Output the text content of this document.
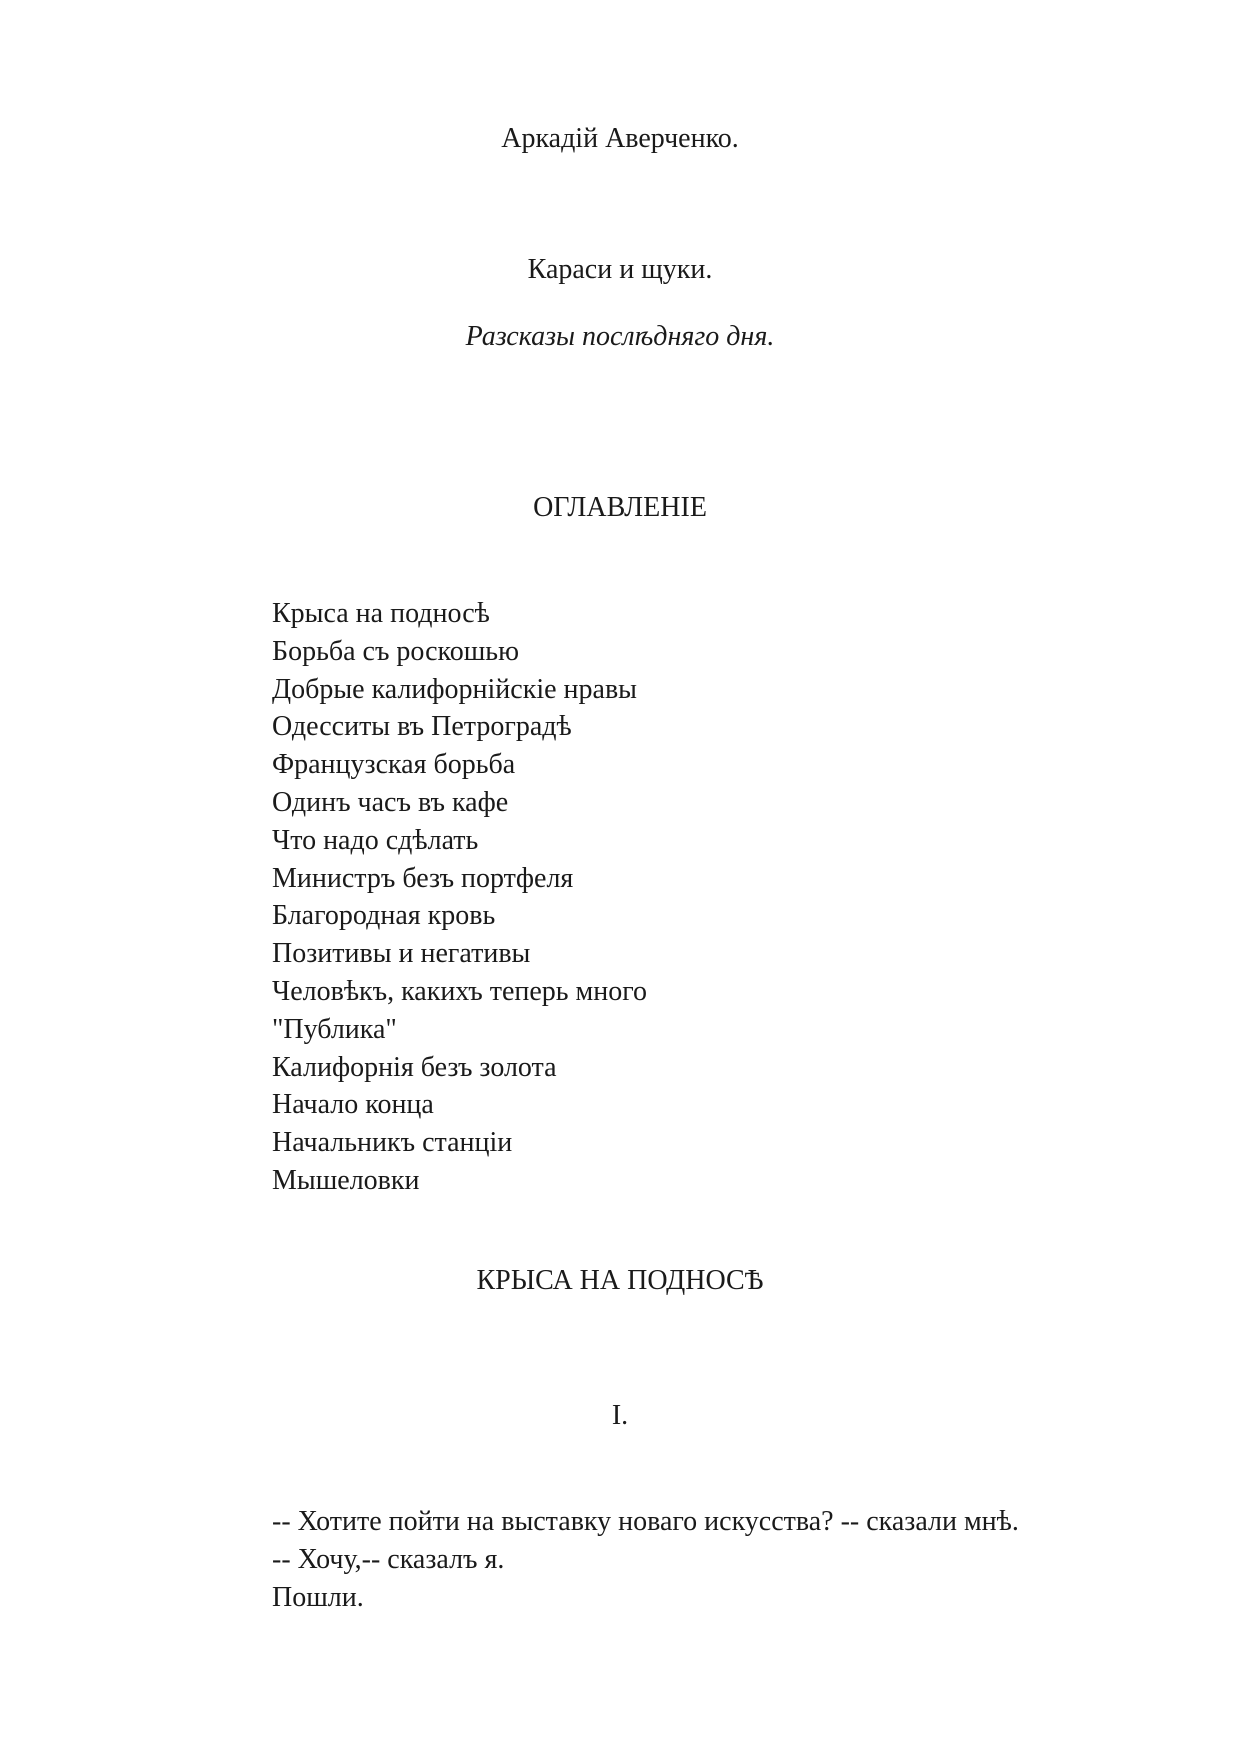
Аркадій Аверченко.
Караси и щуки.
Разсказы послѣдняго дня.
ОГЛАВЛЕНІЕ
Крыса на подносѣ
Борьба съ роскошью
Добрые калифорнійскіе нравы
Одесситы въ Петроградѣ
Французская борьба
Одинъ часъ въ кафе
Что надо сдѣлать
Министръ безъ портфеля
Благородная кровь
Позитивы и негативы
Человѣкъ, какихъ теперь много
"Публика"
Калифорнія безъ золота
Начало конца
Начальникъ станціи
Мышеловки
КРЫСА НА ПОДНОСѢ
I.

-- Хотите пойти на выставку новаго искусства? -- сказали мнѣ.

-- Хочу,-- сказалъ я.

Пошли.
